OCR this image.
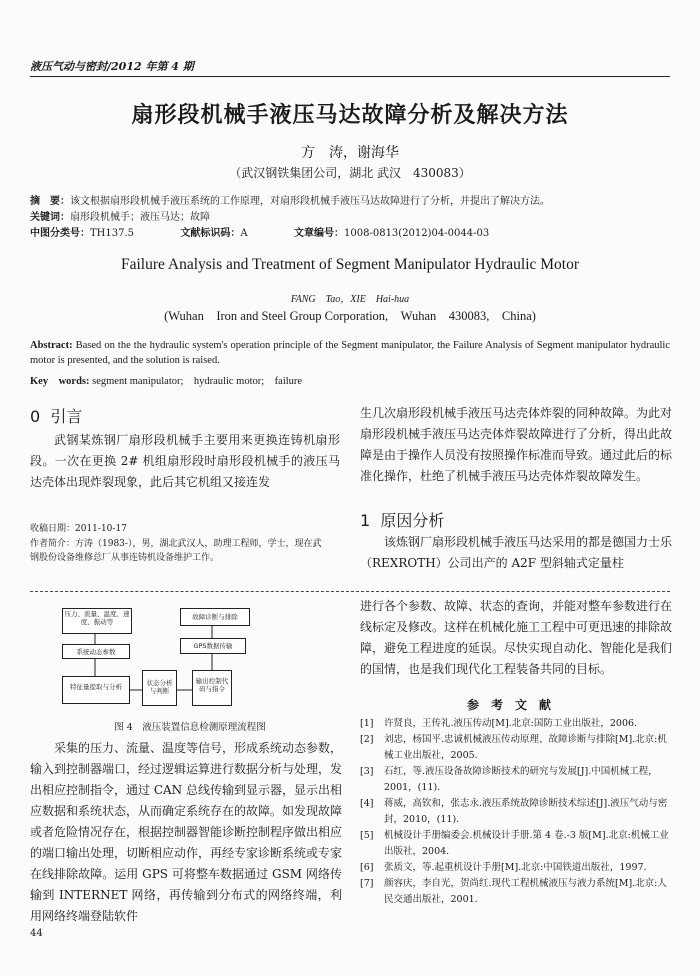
液压气动与密封/2012 年第 4 期
扇形段机械手液压马达故障分析及解决方法
方　涛，谢海华
（武汉钢铁集团公司，湖北 武汉　430083）
摘　要：该文根据扇形段机械手液压系统的工作原理，对扇形段机械手液压马达故障进行了分析，并提出了解决方法。
关键词：扇形段机械手；液压马达；故障
中图分类号：TH137.5	文献标识码：A	文章编号：1008-0813(2012)04-0044-03
Failure Analysis and Treatment of Segment Manipulator Hydraulic Motor
FANG　Tao，XIE　Hai-hua
(Wuhan　Iron and Steel Group Corporation,　Wuhan　430083,　China)
Abstract: Based on the the hydraulic system's operation principle of the Segment manipulator, the Failure Analysis of Segment manipulator hydraulic motor is presented, and the solution is raised.
Key　words: segment manipulator;　hydraulic motor;　failure
0 引言
武钢某炼钢厂扇形段机械手主要用来更换连铸机扇形段。一次在更换 2# 机组扇形段时扇形段机械手的液压马达壳体出现炸裂现象，此后其它机组又接连发
收稿日期：2011-10-17
作者简介：方涛（1983-），男，湖北武汉人，助理工程师，学士，现在武钢股份设备维修总厂从事连铸机设备维护工作。
生几次扇形段机械手液压马达壳体炸裂的同种故障。为此对扇形段机械手液压马达壳体炸裂故障进行了分析，得出此故障是由于操作人员没有按照操作标准而导致。通过此后的标准化操作，杜绝了机械手液压马达壳体炸裂故障发生。
1 原因分析
该炼钢厂扇形段机械手液压马达采用的都是德国力士乐（REXROTH）公司出产的 A2F 型斜轴式定量柱
压力、流量、温度、速度、振动等
系统动态参数
特征量提取与分析	状态分析与判断
输出控制代码与指令
故障诊断与排除
GPS数据传输
图 4　液压装置信息检测原理流程图
采集的压力、流量、温度等信号，形成系统动态参数，输入到控制器端口，经过逻辑运算进行数据分析与处理，发出相应控制指令，通过 CAN 总线传输到显示器，显示出相应数据和系统状态，从而确定系统存在的故障。如发现故障或者危险情况存在，根据控制器智能诊断控制程序做出相应的端口输出处理，切断相应动作，再经专家诊断系统或专家在线排除故障。运用 GPS 可将整车数据通过 GSM 网络传输到 INTERNET 网络，再传输到分布式的网络终端，利用网络终端登陆软件
进行各个参数、故障、状态的查询，并能对整车参数进行在线标定及修改。这样在机械化施工工程中可更迅速的排除故障，避免工程进度的延误。尽快实现自动化、智能化是我们的国情，也是我们现代化工程装备共同的目标。
参考文献
[1]	许贤良，王传礼.液压传动[M].北京:国防工业出版社，2006.
[2]	刘忠，杨国平.忠诚机械液压传动原理、故障诊断与排除[M].北京:机械工业出版社，2005.
[3]	石红，等.液压设备故障诊断技术的研究与发展[J].中国机械工程，2001，(11).
[4]	蒋威，高钦和，张志永.液压系统故障诊断技术综述[J].液压气动与密封，2010，(11).
[5]	机械设计手册编委会.机械设计手册.第 4 卷.-3 版[M].北京:机械工业出版社，2004.
[6]	张质文，等.起重机设计手册[M].北京:中国铁道出版社，1997.
[7]	颜容庆，李自光，贺尚红.现代工程机械液压与液力系统[M].北京:人民交通出版社，2001.
44
